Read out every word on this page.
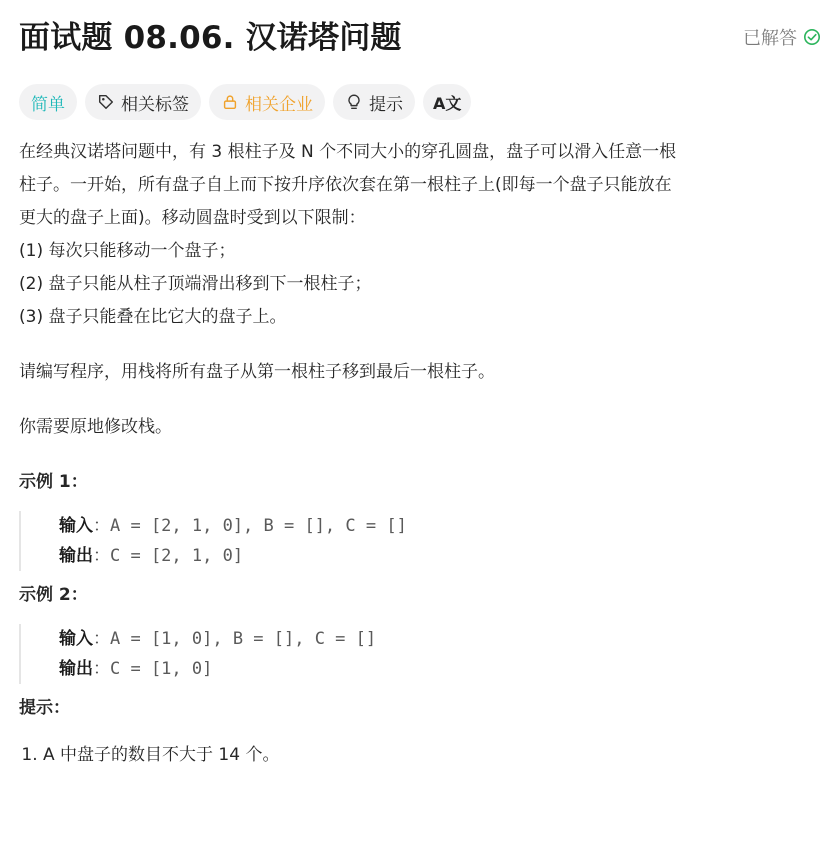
面试题 08.06. 汉诺塔问题	已解答
简单	相关标签	相关企业	提示 A文

在经典汉诺塔问题中，有 3 根柱子及 N 个不同大小的穿孔圆盘，盘子可以滑入任意一根

柱子。一开始，所有盘子自上而下按升序依次套在第一根柱子上(即每一个盘子只能放在

更大的盘子上面)。移动圆盘时受到以下限制：

(1) 每次只能移动一个盘子；

(2) 盘子只能从柱子顶端滑出移到下一根柱子；

(3) 盘子只能叠在比它大的盘子上。

请编写程序，用栈将所有盘子从第一根柱子移到最后一根柱子。

你需要原地修改栈。

示例 1：

输入：A = [2, 1, 0], B = [], C = []
输出：C = [2, 1, 0]

示例 2：

输入：A = [1, 0], B = [], C = []
输出：C = [1, 0]

提示：

1. A 中盘子的数目不大于 14 个。
